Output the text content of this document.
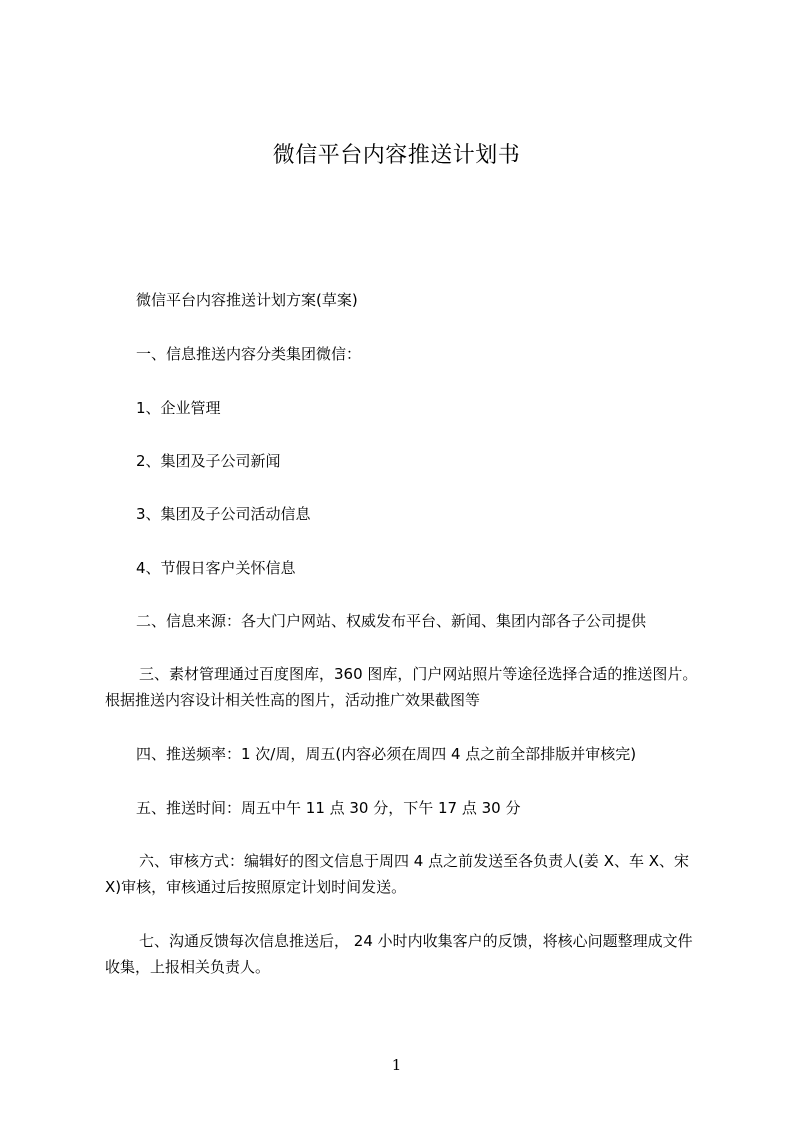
微信平台内容推送计划书
微信平台内容推送计划方案(草案)
一、信息推送内容分类集团微信：
1、企业管理
2、集团及子公司新闻
3、集团及子公司活动信息
4、节假日客户关怀信息
二、信息来源：各大门户网站、权威发布平台、新闻、集团内部各子公司提供
三、素材管理通过百度图库，360 图库，门户网站照片等途径选择合适的推送图片。根据推送内容设计相关性高的图片，活动推广效果截图等
四、推送频率：1 次/周，周五(内容必须在周四 4 点之前全部排版并审核完)
五、推送时间：周五中午 11 点 30 分，下午 17 点 30 分
六、审核方式：编辑好的图文信息于周四 4 点之前发送至各负责人(姜 X、车 X、宋 X)审核，审核通过后按照原定计划时间发送。
七、沟通反馈每次信息推送后， 24 小时内收集客户的反馈，将核心问题整理成文件收集，上报相关负责人。
1
